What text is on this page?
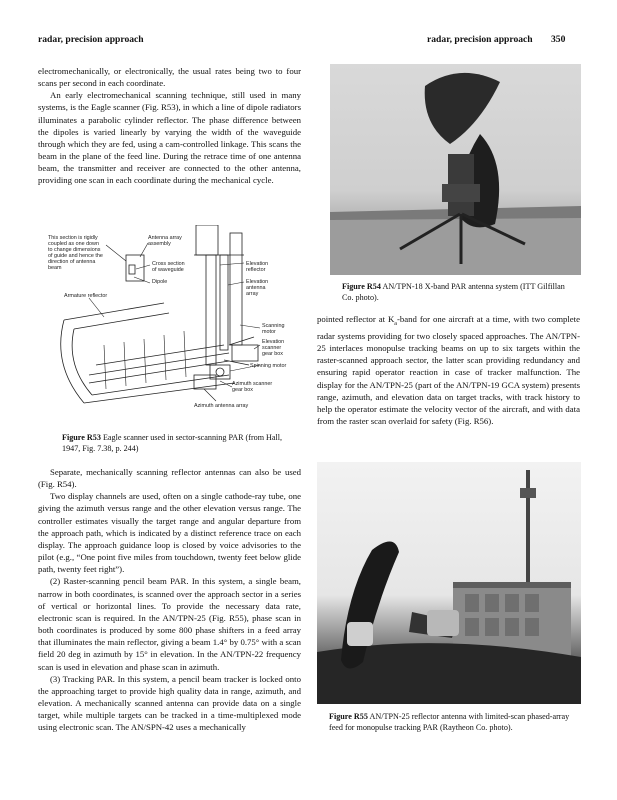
radar, precision approach	radar, precision approach 350

electromechanically, or electronically, the usual rates being two to four scans per second in each coordinate.

An early electromechanical scanning technique, still used in many systems, is the Eagle scanner (Fig. R53), in which a line of dipole radiators illuminates a parabolic cylinder reflector. The phase difference between the dipoles is varied linearly by varying the width of the waveguide through which they are fed, using a cam-controlled linkage. This scans the beam in the plane of the feed line. During the retrace time of one antenna beam, the transmitter and receiver are connected to the other antenna, providing one scan in each coordinate during the mechanical cycle.

This section is rigidly
coupled as one down
to change dimensions
of guide and hence the
direction of antenna
beam
Antenna array
assembly
Cross section
of waveguide
Dipole
Armature reflector
Elevation
reflector
Elevation
antenna
array
Scanning
motor
Elevation
scanner
gear box
Spinning motor
Azimuth scanner
gear box
Azimuth antenna array
Figure R53 Eagle scanner used in sector-scanning PAR (from Hall, 1947, Fig. 7.38, p. 244)

Separate, mechanically scanning reflector antennas can also be used (Fig. R54).

Two display channels are used, often on a single cathode-ray tube, one giving the azimuth versus range and the other elevation versus range. The controller estimates visually the target range and angular departure from the approach path, which is indicated by a distinct reference trace on each display. The approach guidance loop is closed by voice advisories to the pilot (e.g., “One point five miles from touchdown, twenty feet below glide path, twenty feet right”).

(2) Raster-scanning pencil beam PAR. In this system, a single beam, narrow in both coordinates, is scanned over the approach sector in a series of vertical or horizontal lines. To provide the necessary data rate, electronic scan is required. In the AN/TPN-25 (Fig. R55), phase scan in both coordinates is produced by some 800 phase shifters in a feed array that illuminates the main reflector, giving a beam 1.4° by 0.75° with a scan field 20 deg in azimuth by 15° in elevation. In the AN/TPN-22 frequency scan is used in elevation and phase scan in azimuth.

(3) Tracking PAR. In this system, a pencil beam tracker is locked onto the approaching target to provide high quality data in range, azimuth, and elevation. A mechanically scanned antenna can provide data on a single target, while multiple targets can be tracked in a time-multiplexed mode using electronic scan. The AN/SPN-42 uses a mechanically

Figure R54 AN/TPN-18 X-band PAR antenna system (ITT Gilfillan Co. photo).

pointed reflector at $K_a$-band for one aircraft at a time, with two complete radar systems providing for two closely spaced approaches. The AN/TPN-25 interlaces monopulse tracking beams on up to six targets within the raster-scanned approach sector, the latter scan providing redundancy and ensuring rapid operator reaction in case of tracker malfunction. The display for the AN/TPN-25 (part of the AN/TPN-19 GCA system) presents range, azimuth, and elevation data on target tracks, with track history to help the operator estimate the velocity vector of the aircraft, and with data from the raster scan overlaid for safety (Fig. R56).

Figure R55 AN/TPN-25 reflector antenna with limited-scan phased-array feed for monopulse tracking PAR (Raytheon Co. photo).
